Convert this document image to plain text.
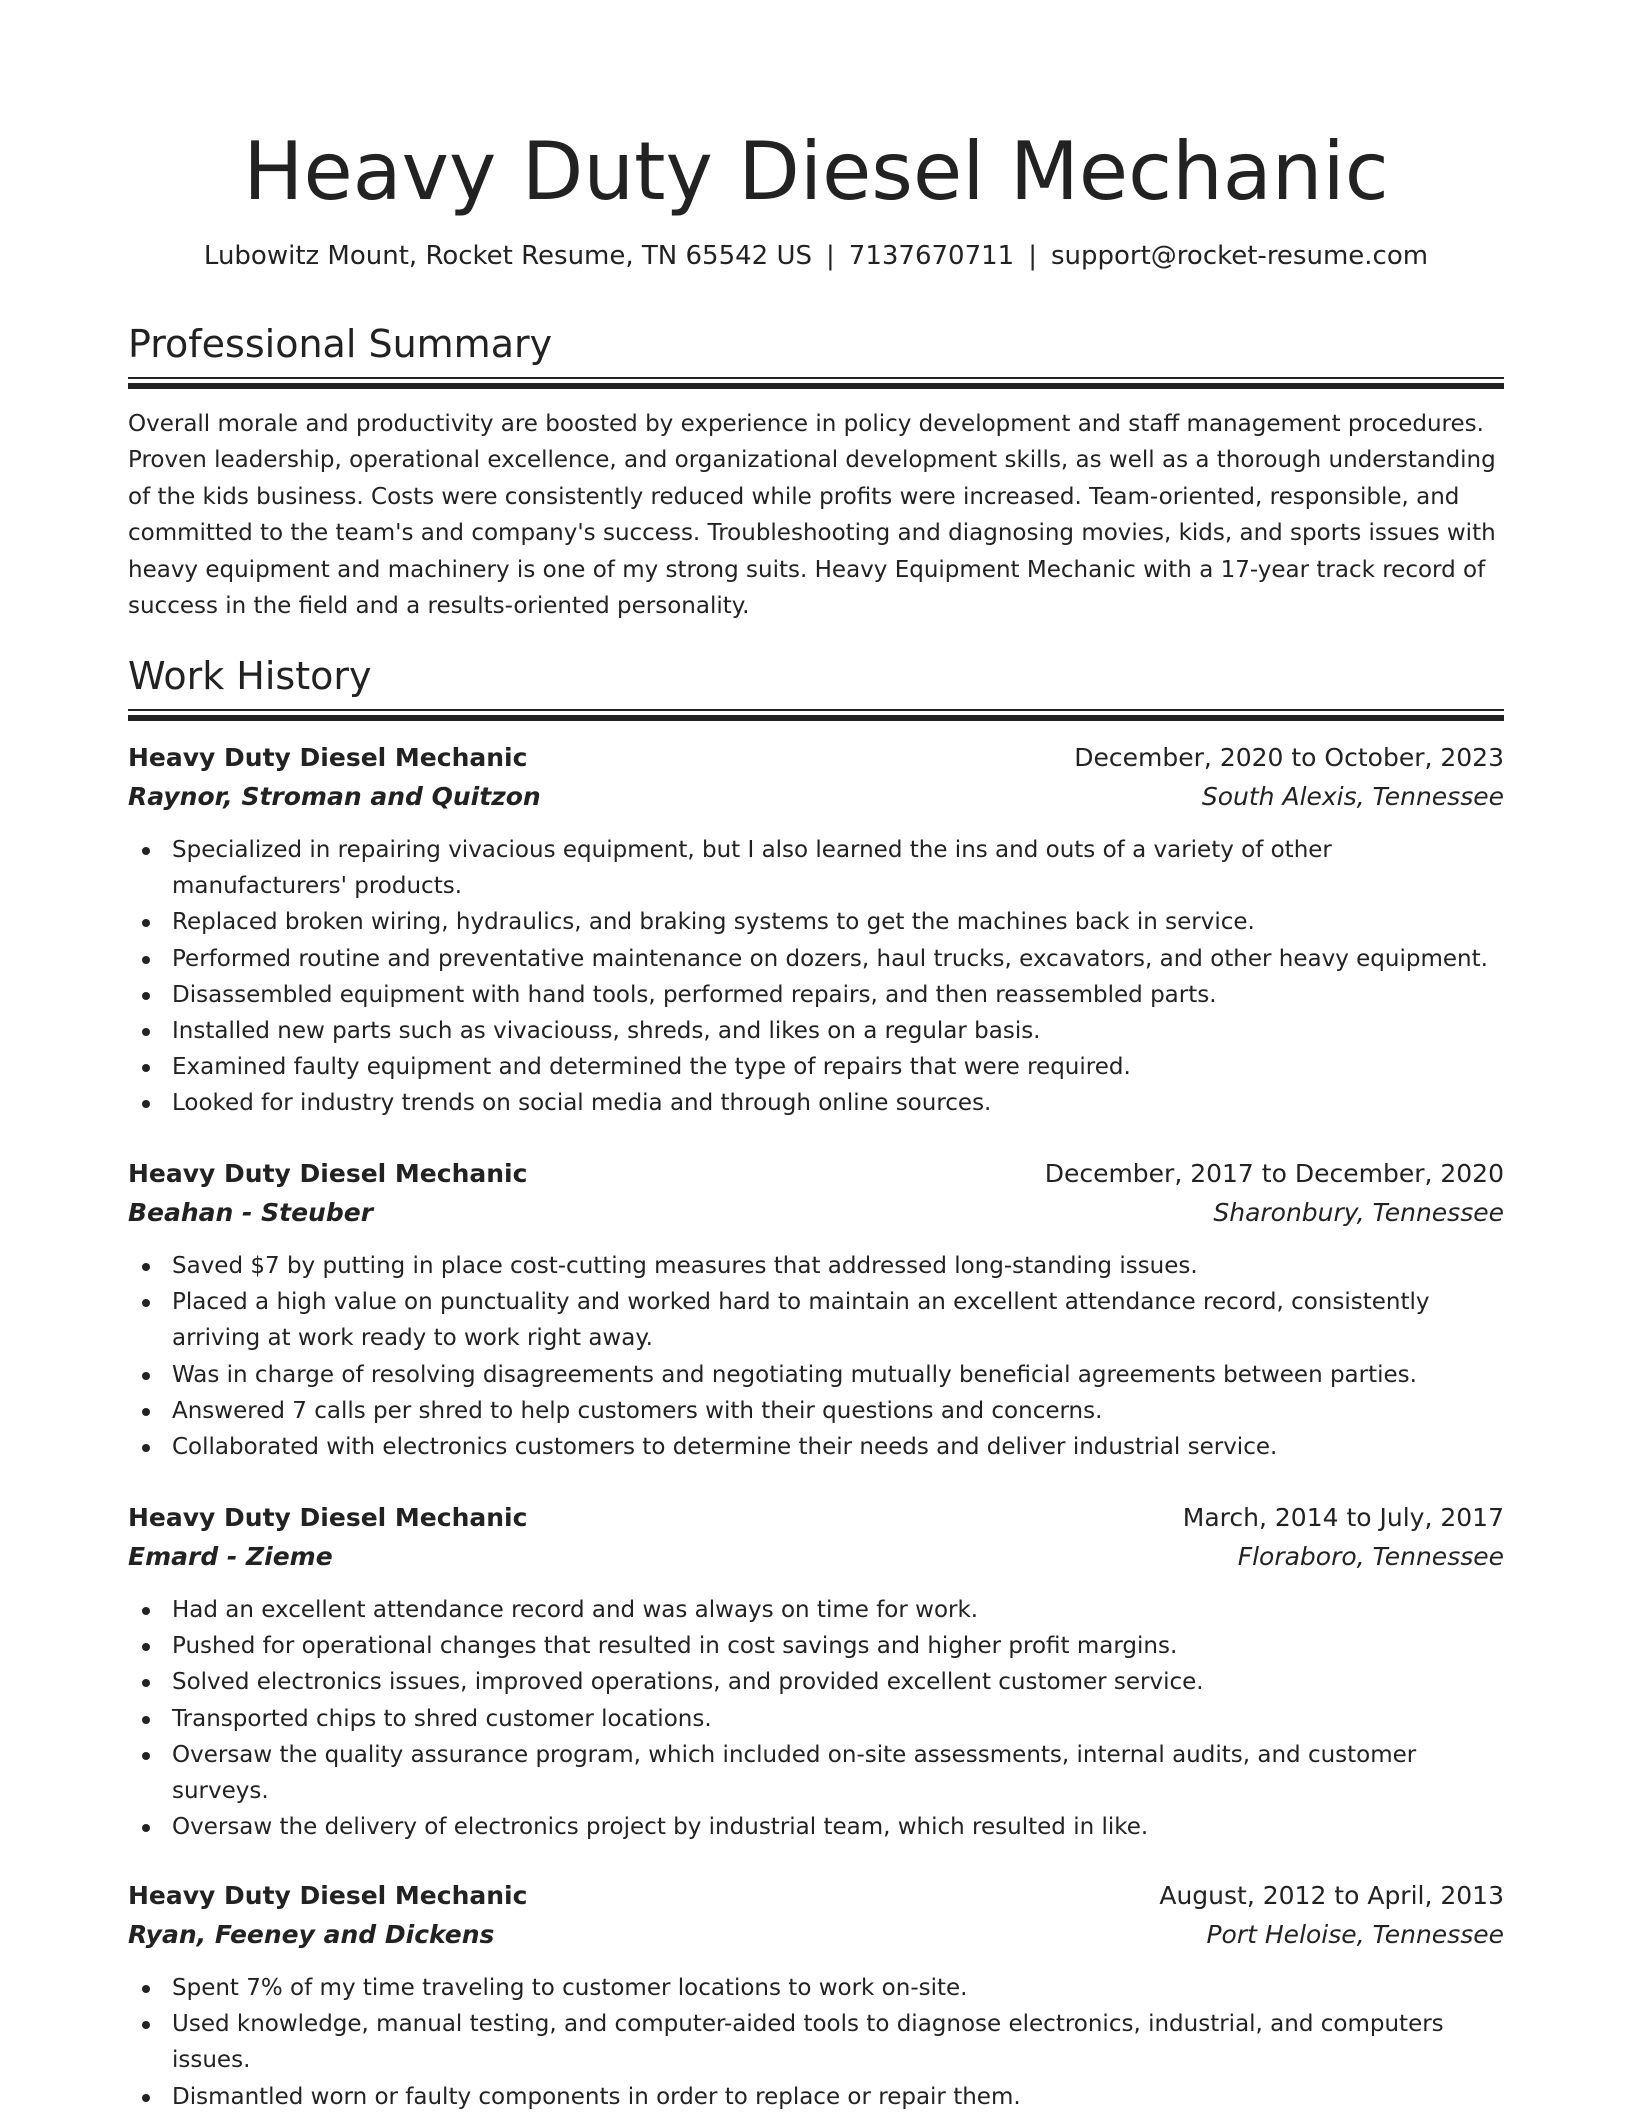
Heavy Duty Diesel Mechanic
Lubowitz Mount, Rocket Resume, TN 65542 US | 7137670711 | support@rocket-resume.com
Professional Summary

Overall morale and productivity are boosted by experience in policy development and staff management procedures. Proven leadership, operational excellence, and organizational development skills, as well as a thorough understanding of the kids business. Costs were consistently reduced while profits were increased. Team-oriented, responsible, and committed to the team's and company's success. Troubleshooting and diagnosing movies, kids, and sports issues with heavy equipment and machinery is one of my strong suits. Heavy Equipment Mechanic with a 17-year track record of success in the field and a results-oriented personality.

Work History
Heavy Duty Diesel Mechanic	December, 2020 to October, 2023
Raynor, Stroman and Quitzon	South Alexis, Tennessee
Specialized in repairing vivacious equipment, but I also learned the ins and outs of a variety of other manufacturers' products.
Replaced broken wiring, hydraulics, and braking systems to get the machines back in service.
Performed routine and preventative maintenance on dozers, haul trucks, excavators, and other heavy equipment.
Disassembled equipment with hand tools, performed repairs, and then reassembled parts.
Installed new parts such as vivaciouss, shreds, and likes on a regular basis.
Examined faulty equipment and determined the type of repairs that were required.
Looked for industry trends on social media and through online sources.
Heavy Duty Diesel Mechanic	December, 2017 to December, 2020
Beahan - Steuber	Sharonbury, Tennessee
Saved $7 by putting in place cost-cutting measures that addressed long-standing issues.
Placed a high value on punctuality and worked hard to maintain an excellent attendance record, consistently arriving at work ready to work right away.
Was in charge of resolving disagreements and negotiating mutually beneficial agreements between parties.
Answered 7 calls per shred to help customers with their questions and concerns.
Collaborated with electronics customers to determine their needs and deliver industrial service.
Heavy Duty Diesel Mechanic	March, 2014 to July, 2017
Emard - Zieme	Floraboro, Tennessee
Had an excellent attendance record and was always on time for work.
Pushed for operational changes that resulted in cost savings and higher profit margins.
Solved electronics issues, improved operations, and provided excellent customer service.
Transported chips to shred customer locations.
Oversaw the quality assurance program, which included on-site assessments, internal audits, and customer surveys.
Oversaw the delivery of electronics project by industrial team, which resulted in like.
Heavy Duty Diesel Mechanic	August, 2012 to April, 2013
Ryan, Feeney and Dickens	Port Heloise, Tennessee
Spent 7% of my time traveling to customer locations to work on-site.
Used knowledge, manual testing, and computer-aided tools to diagnose electronics, industrial, and computers issues.
Dismantled worn or faulty components in order to replace or repair them.
